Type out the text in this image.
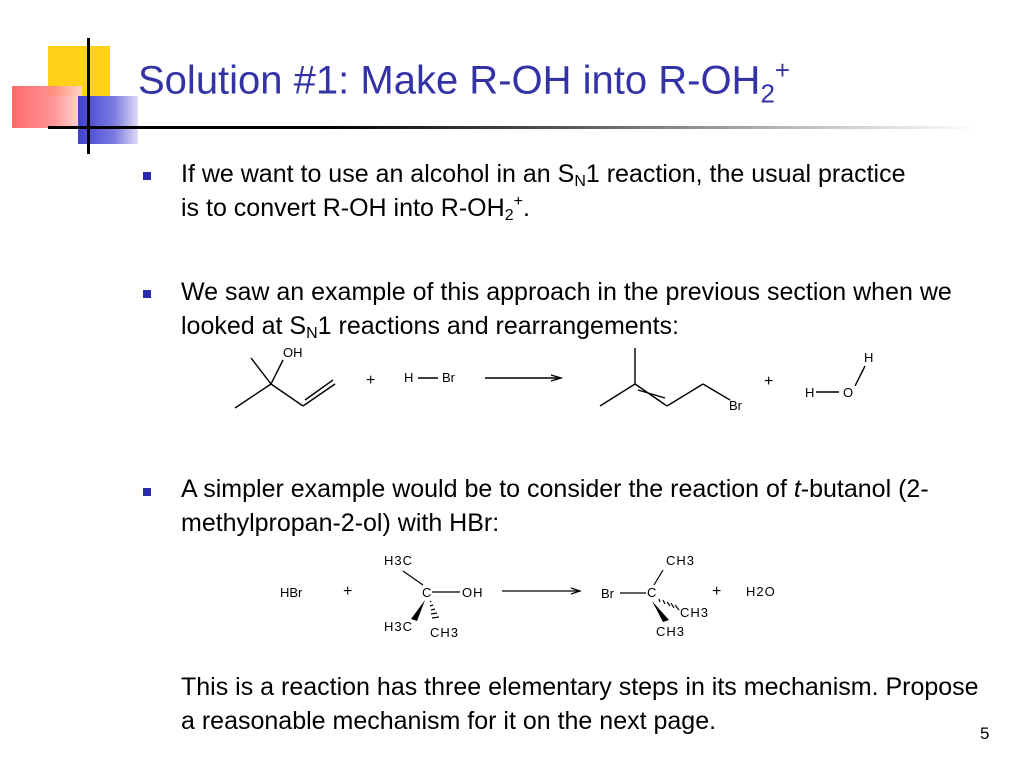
Solution #1: Make R-OH into $R-OH_2^+$
If we want to use an alcohol in an $S_N1$ reaction, the usual practice is to convert R-OH into $R-OH_2^+$.
We saw an example of this approach in the previous section when we looked at $S_N1$ reactions and rearrangements:
OH
+ H Br
Br
+
H
H O
A simpler example would be to consider the reaction of t-butanol (2-methylpropan-2-ol) with HBr:
HBr	+
H3C
C OH
H3C CH3
Br	C
CH3
CH3
CH3
+ H2O
This is a reaction has three elementary steps in its mechanism. Propose a reasonable mechanism for it on the next page.	5
